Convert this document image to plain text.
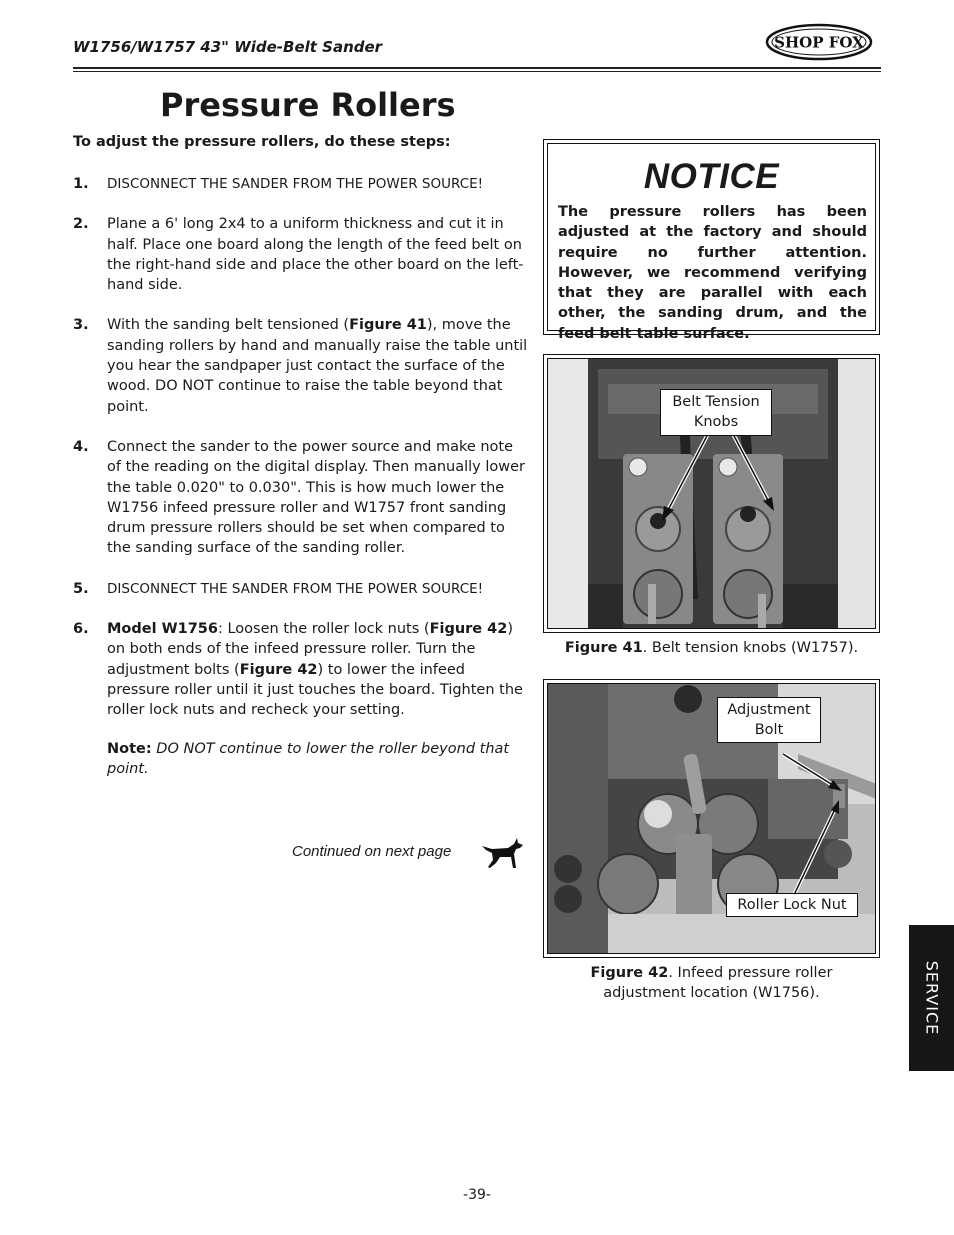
W1756/W1757 43" Wide-Belt Sander	SHOP FOX
Pressure Rollers
To adjust the pressure rollers, do these steps:
1. DISCONNECT THE SANDER FROM THE POWER SOURCE!
2. Plane a 6' long 2x4 to a uniform thickness and cut it in half. Place one board along the length of the feed belt on the right-hand side and place the other board on the left-hand side.
3. With the sanding belt tensioned (Figure 41), move the sanding rollers by hand and manually raise the table until you hear the sandpaper just contact the surface of the wood. DO NOT continue to raise the table beyond that point.
4. Connect the sander to the power source and make note of the reading on the digital display. Then manually lower the table 0.020" to 0.030". This is how much lower the W1756 infeed pressure roller and W1757 front sanding drum pressure rollers should be set when compared to the sanding surface of the sanding roller.
5. DISCONNECT THE SANDER FROM THE POWER SOURCE!
6. Model W1756: Loosen the roller lock nuts (Figure 42) on both ends of the infeed pressure roller. Turn the adjustment bolts (Figure 42) to lower the infeed pressure roller until it just touches the board. Tighten the roller lock nuts and recheck your setting.
Note: DO NOT continue to lower the roller beyond that point.
Continued on next page
NOTICE
The pressure rollers has been adjusted at the factory and should require no further attention. However, we recommend verifying that they are parallel with each other, the sanding drum, and the feed belt table surface.
Belt Tension
Knobs
Figure 41. Belt tension knobs (W1757).
Adjustment
Bolt
Roller Lock Nut
Figure 42. Infeed pressure roller
adjustment location (W1756).	SERVICE
-39-
